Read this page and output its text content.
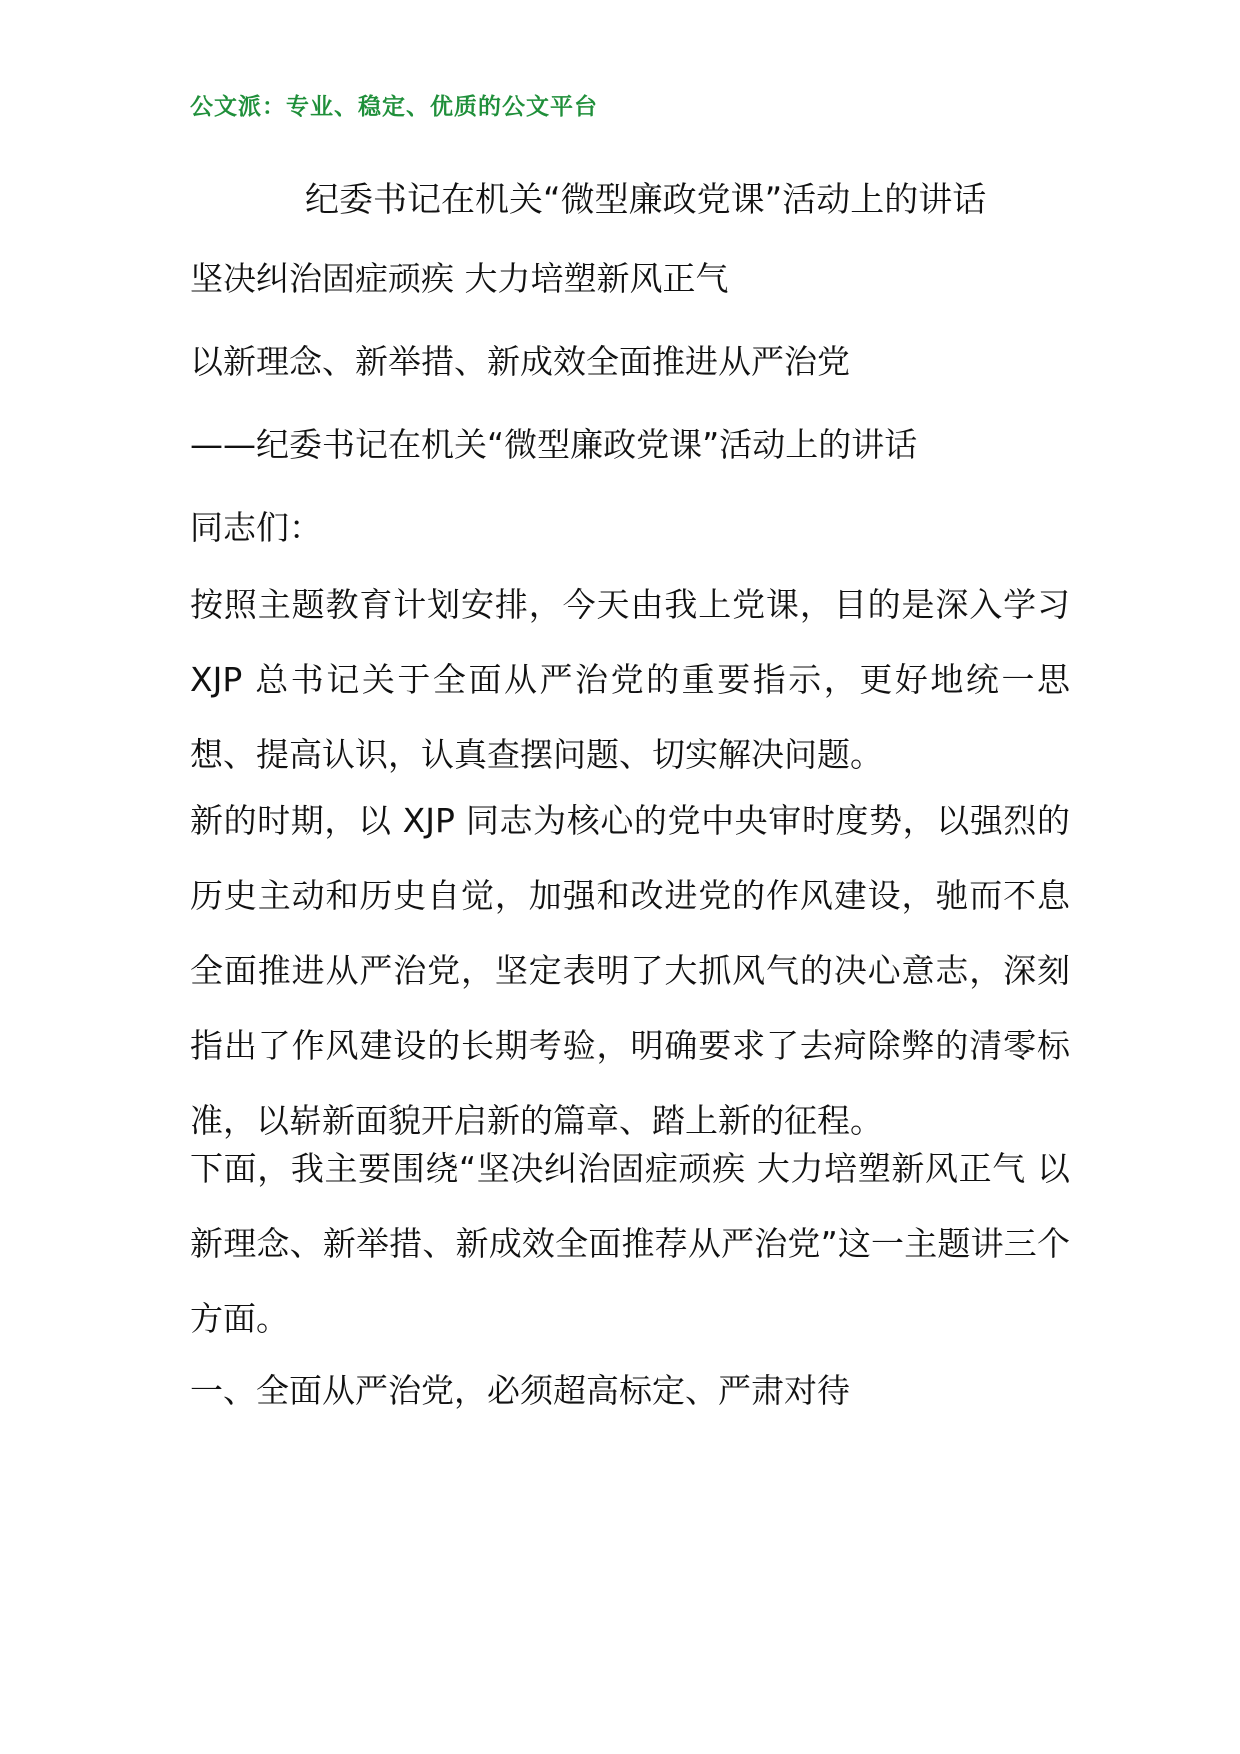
公文派：专业、稳定、优质的公文平台
纪委书记在机关“微型廉政党课”活动上的讲话
坚决纠治固症顽疾 大力培塑新风正气
以新理念、新举措、新成效全面推进从严治党
——纪委书记在机关“微型廉政党课”活动上的讲话
同志们：
按照主题教育计划安排，今天由我上党课，目的是深入学习 XJP 总书记关于全面从严治党的重要指示，更好地统一思想、提高认识，认真查摆问题、切实解决问题。
新的时期，以 XJP 同志为核心的党中央审时度势，以强烈的历史主动和历史自觉，加强和改进党的作风建设，驰而不息全面推进从严治党，坚定表明了大抓风气的决心意志，深刻指出了作风建设的长期考验，明确要求了去疴除弊的清零标准，以崭新面貌开启新的篇章、踏上新的征程。
下面，我主要围绕“坚决纠治固症顽疾 大力培塑新风正气 以新理念、新举措、新成效全面推荐从严治党”这一主题讲三个方面。
一、全面从严治党，必须超高标定、严肃对待
